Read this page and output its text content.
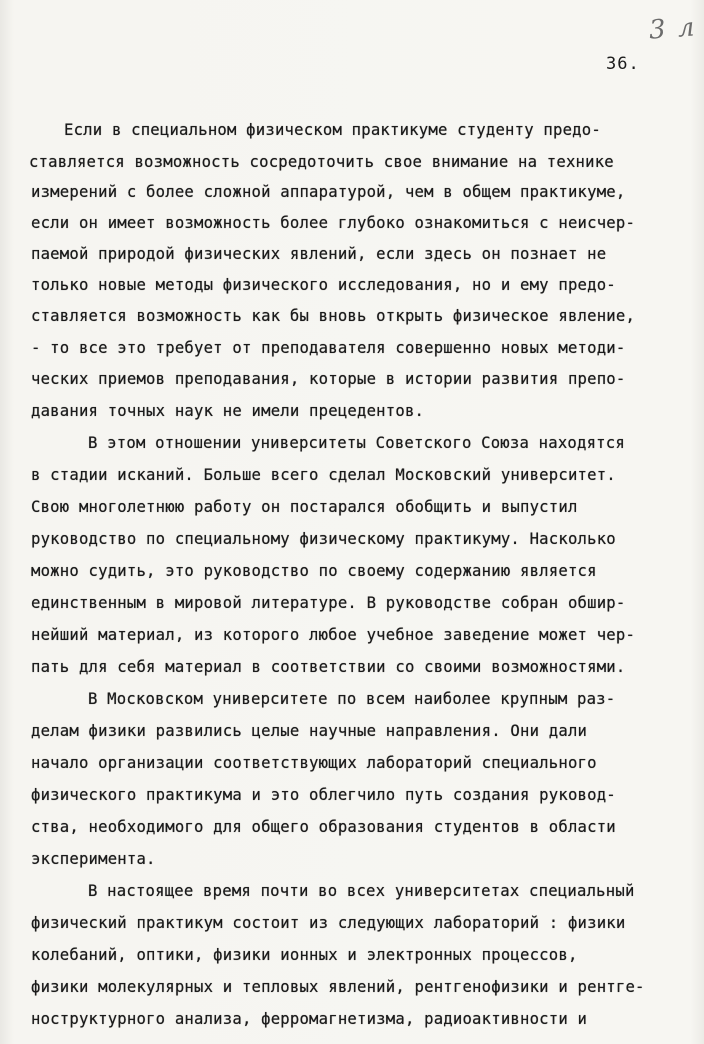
3 л
36.
Если в специальном физическом практикуме студенту предо-
ставляется возможность сосредоточить свое внимание на технике
измерений с более сложной аппаратурой, чем в общем практикуме,
если он имеет возможность более глубоко ознакомиться с неисчер-
паемой природой физических явлений, если здесь он познает не
только новые методы физического исследования, но и ему предо-
ставляется возможность как бы вновь открыть физическое явление,
- то все это требует от преподавателя совершенно новых методи-
ческих приемов преподавания, которые в истории развития препо-
давания точных наук не имели прецедентов.
В этом отношении университеты Советского Союза находятся
в стадии исканий. Больше всего сделал Московский университет.
Свою многолетнюю работу он постарался обобщить и выпустил
руководство по специальному физическому практикуму. Насколько
можно судить, это руководство по своему содержанию является
единственным в мировой литературе. В руководстве собран обшир-
нейший материал, из которого любое учебное заведение может чер-
пать для себя материал в соответствии со своими возможностями.
В Московском университете по всем наиболее крупным раз-
делам физики развились целые научные направления. Они дали
начало организации соответствующих лабораторий специального
физического практикума и это облегчило путь создания руковод-
ства, необходимого для общего образования студентов в области
эксперимента.
В настоящее время почти во всех университетах специальный
физический практикум состоит из следующих лабораторий : физики
колебаний, оптики, физики ионных и электронных процессов,
физики молекулярных и тепловых явлений, рентгенофизики и рентге-
ноструктурного анализа, ферромагнетизма, радиоактивности и
